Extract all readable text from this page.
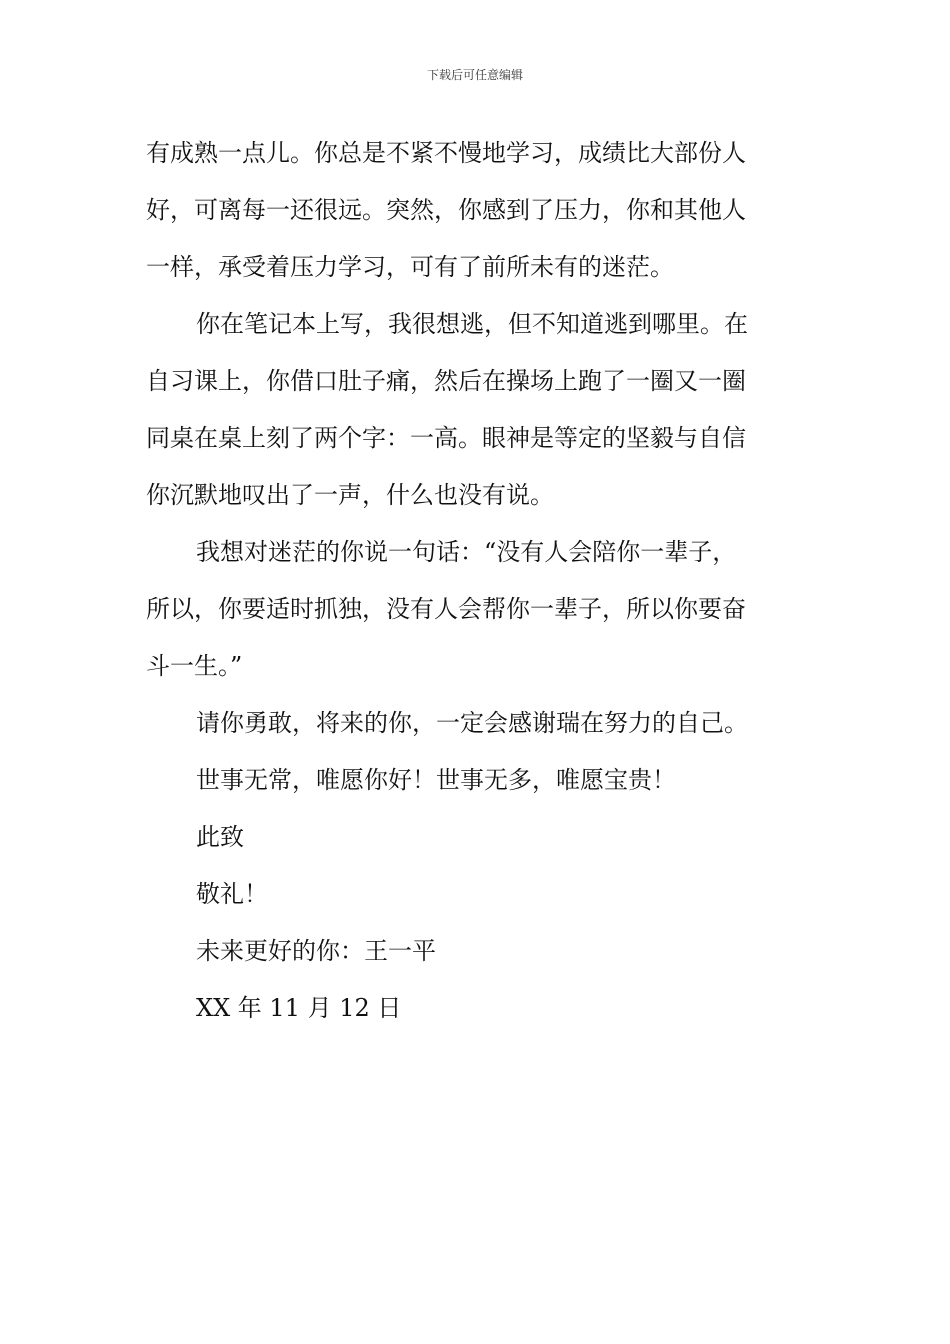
下载后可任意编辑
有成熟一点儿。你总是不紧不慢地学习，成绩比大部份人
好，可离每一还很远。突然，你感到了压力，你和其他人
一样，承受着压力学习，可有了前所未有的迷茫。
你在笔记本上写，我很想逃，但不知道逃到哪里。在
自习课上，你借口肚子痛，然后在操场上跑了一圈又一圈
同桌在桌上刻了两个字：一高。眼神是等定的坚毅与自信
你沉默地叹出了一声，什么也没有说。
我想对迷茫的你说一句话：“没有人会陪你一辈子，
所以，你要适时抓独，没有人会帮你一辈子，所以你要奋
斗一生。”
请你勇敢，将来的你，一定会感谢瑞在努力的自己。
世事无常，唯愿你好！世事无多，唯愿宝贵！
此致
敬礼！
未来更好的你：王一平
XX 年 11 月 12 日
